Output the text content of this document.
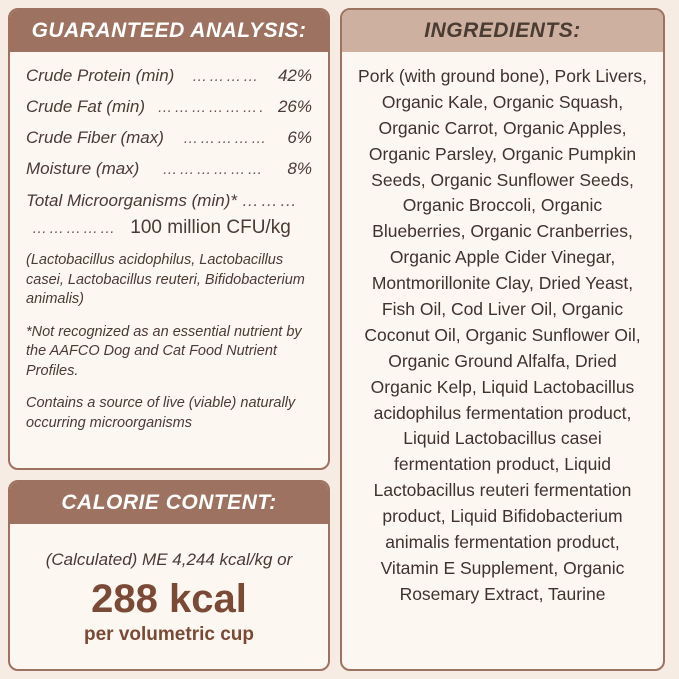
GUARANTEED ANALYSIS:
Crude Protein (min)	…………	42%
Crude Fat (min) ………………. 26%
Crude Fiber (max)	……………	6%
Moisture (max)	………………	8%
Total Microorganisms (min)* ………
…………… 100 million CFU/kg
(Lactobacillus acidophilus, Lactobacillus casei, Lactobacillus reuteri, Bifidobacterium animalis)
*Not recognized as an essential nutrient by the AAFCO Dog and Cat Food Nutrient Profiles.
Contains a source of live (viable) naturally occurring microorganisms
CALORIE CONTENT:
(Calculated) ME 4,244 kcal/kg or
288 kcal
per volumetric cup
INGREDIENTS:
Pork (with ground bone), Pork Livers, Organic Kale, Organic Squash, Organic Carrot, Organic Apples, Organic Parsley, Organic Pumpkin Seeds, Organic Sunflower Seeds, Organic Broccoli, Organic Blueberries, Organic Cranberries, Organic Apple Cider Vinegar, Montmorillonite Clay, Dried Yeast, Fish Oil, Cod Liver Oil, Organic Coconut Oil, Organic Sunflower Oil, Organic Ground Alfalfa, Dried Organic Kelp, Liquid Lactobacillus acidophilus fermentation product, Liquid Lactobacillus casei fermentation product, Liquid Lactobacillus reuteri fermentation product, Liquid Bifidobacterium animalis fermentation product, Vitamin E Supplement, Organic Rosemary Extract, Taurine
